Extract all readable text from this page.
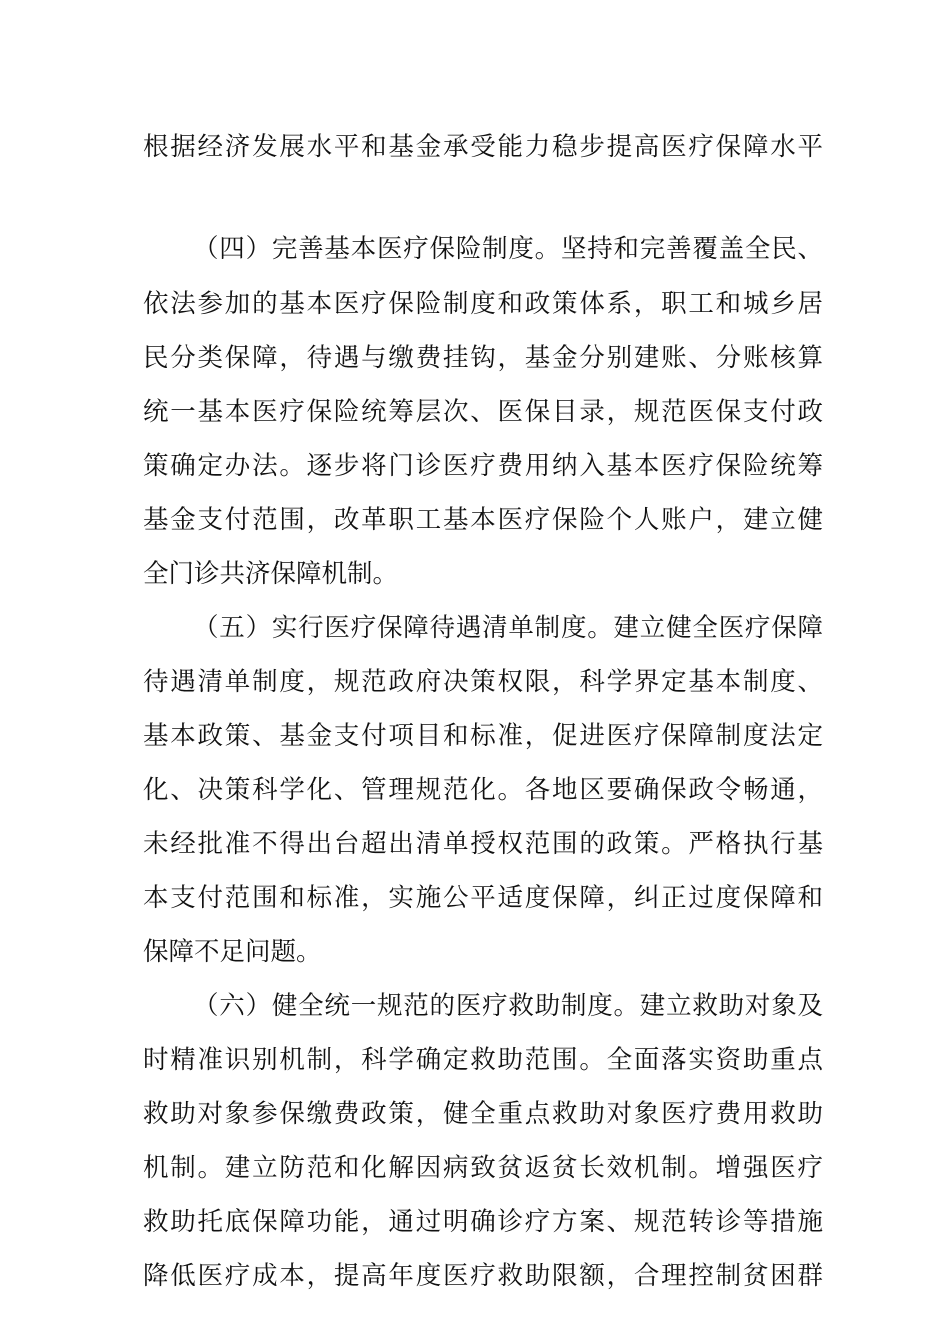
根据经济发展水平和基金承受能力稳步提高医疗保障水平
（四）完善基本医疗保险制度。坚持和完善覆盖全民、
依法参加的基本医疗保险制度和政策体系，职工和城乡居
民分类保障，待遇与缴费挂钩，基金分别建账、分账核算
统一基本医疗保险统筹层次、医保目录，规范医保支付政
策确定办法。逐步将门诊医疗费用纳入基本医疗保险统筹
基金支付范围，改革职工基本医疗保险个人账户，建立健
全门诊共济保障机制。
（五）实行医疗保障待遇清单制度。建立健全医疗保障
待遇清单制度，规范政府决策权限，科学界定基本制度、
基本政策、基金支付项目和标准，促进医疗保障制度法定
化、决策科学化、管理规范化。各地区要确保政令畅通，
未经批准不得出台超出清单授权范围的政策。严格执行基
本支付范围和标准，实施公平适度保障，纠正过度保障和
保障不足问题。
（六）健全统一规范的医疗救助制度。建立救助对象及
时精准识别机制，科学确定救助范围。全面落实资助重点
救助对象参保缴费政策，健全重点救助对象医疗费用救助
机制。建立防范和化解因病致贫返贫长效机制。增强医疗
救助托底保障功能，通过明确诊疗方案、规范转诊等措施
降低医疗成本，提高年度医疗救助限额，合理控制贫困群
